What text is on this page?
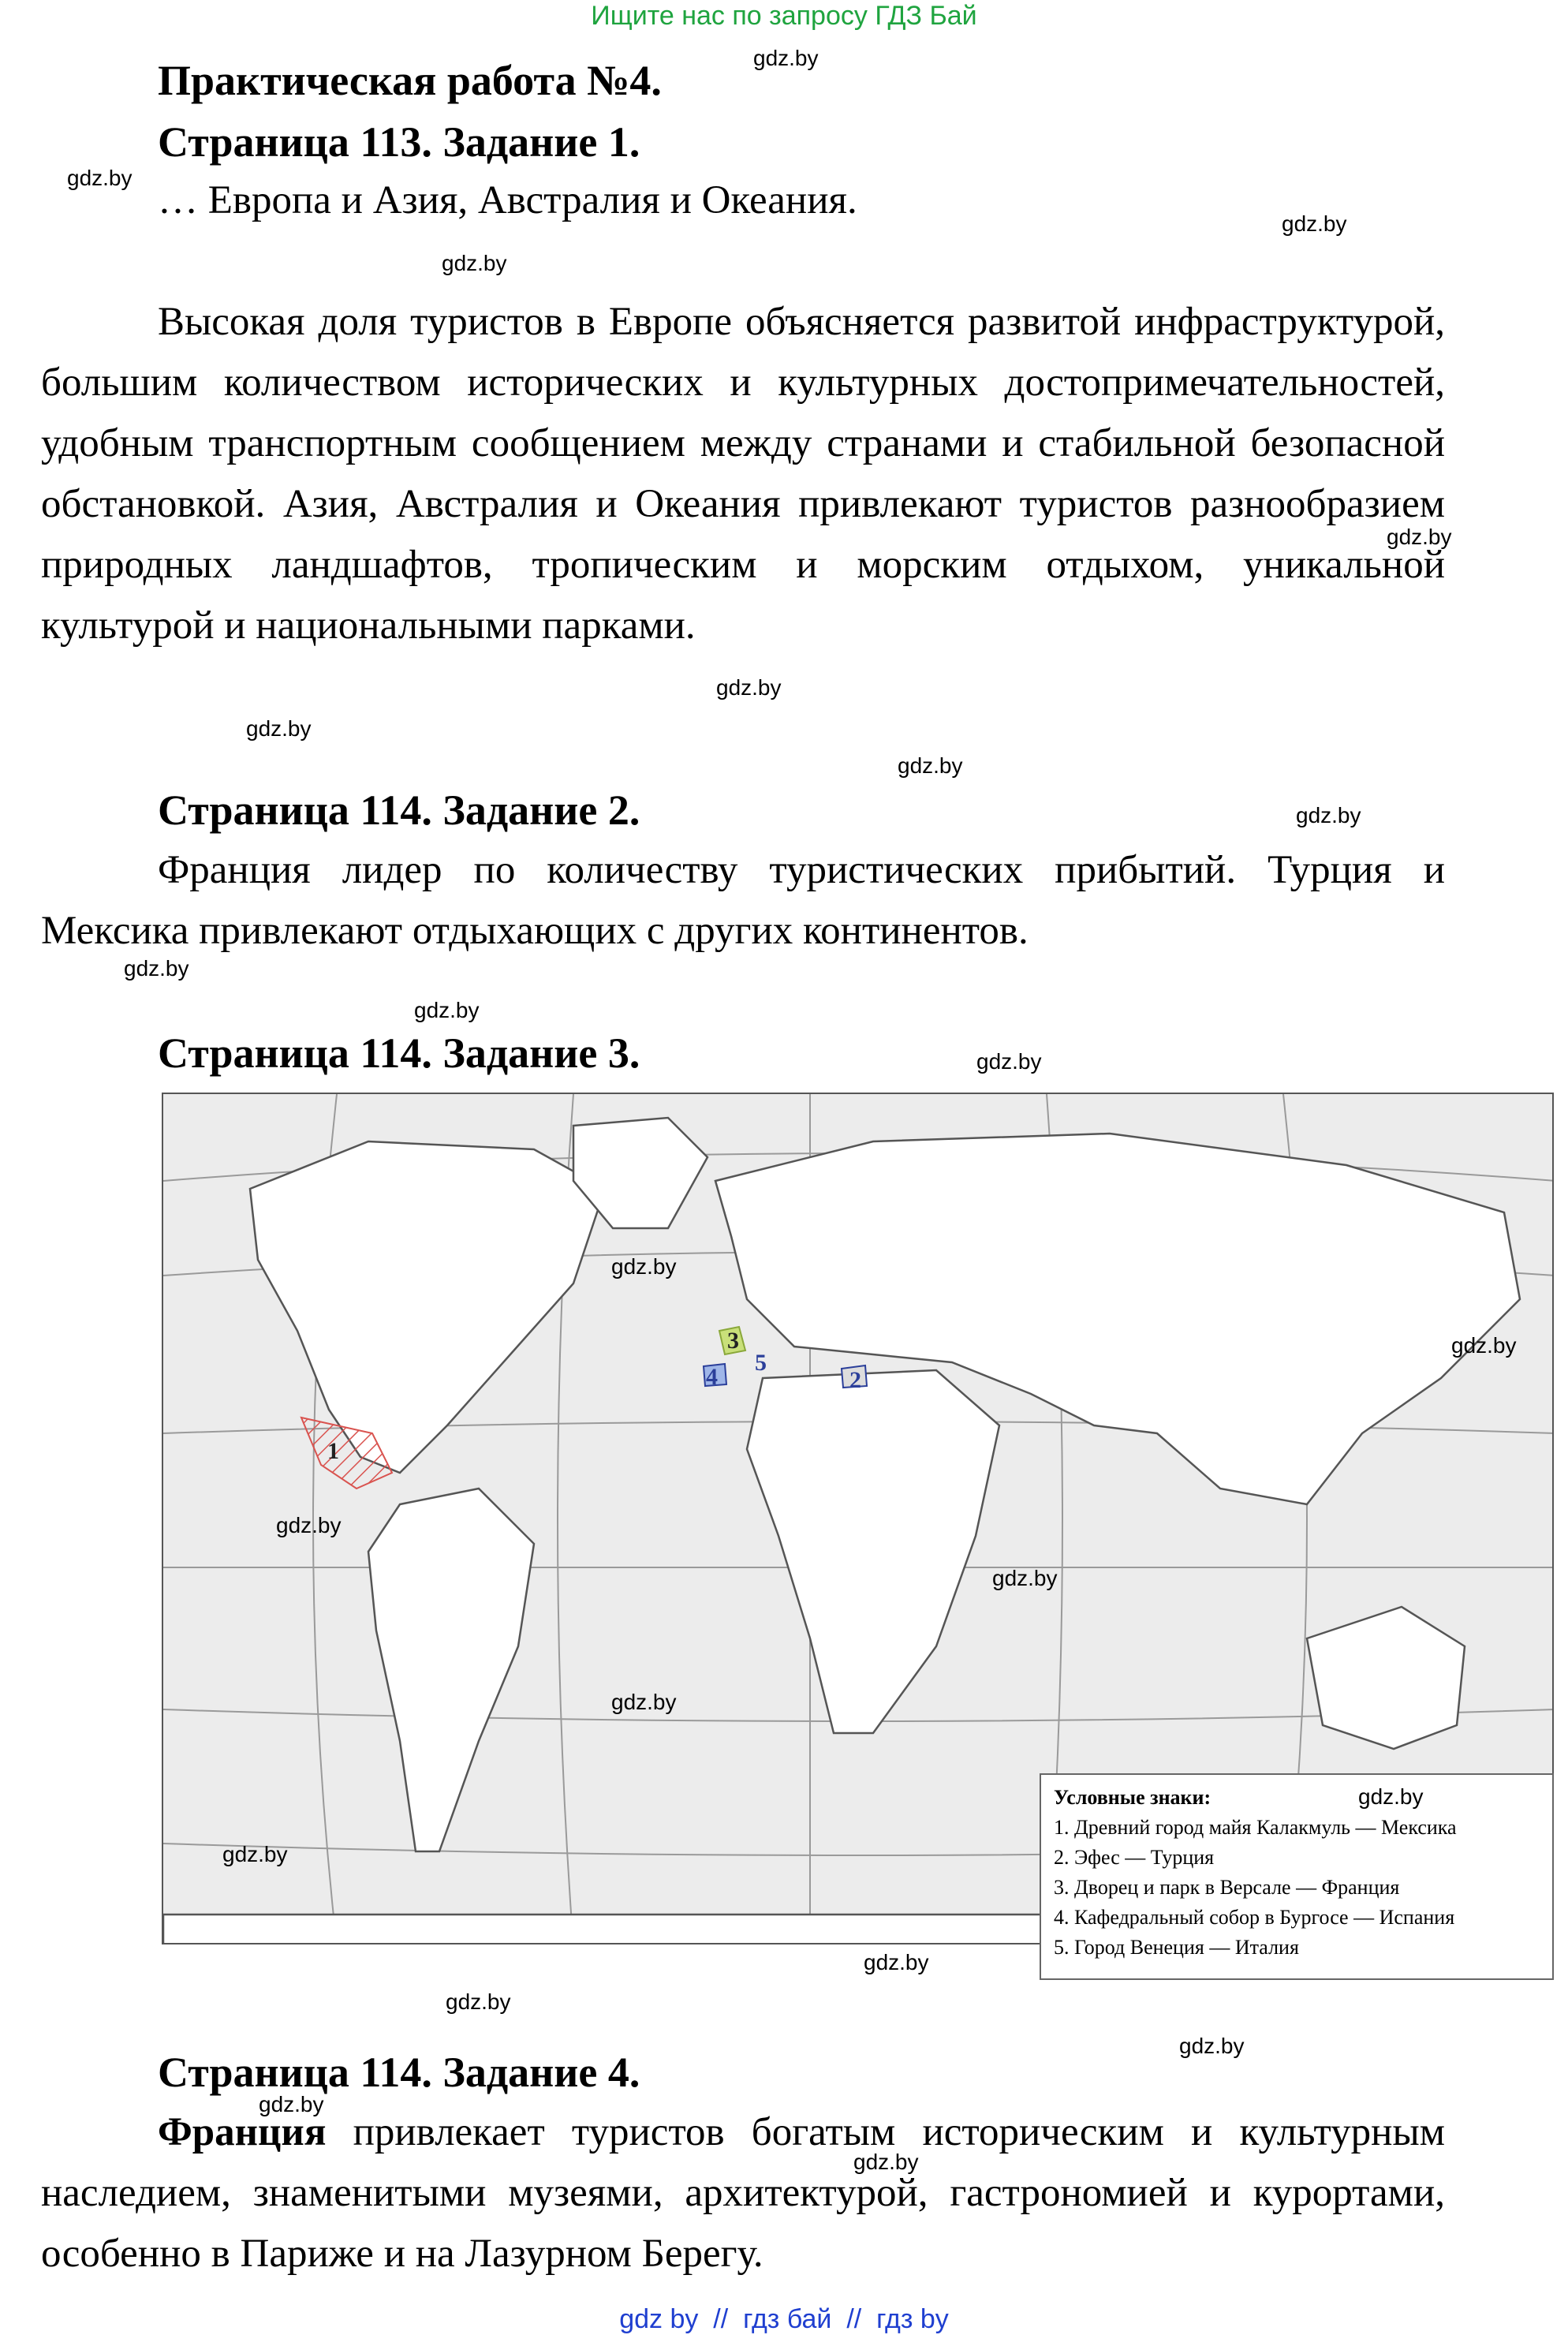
Ищите нас по запросу ГДЗ Бай
Практическая работа №4.
Страница 113. Задание 1.
… Европа и Азия, Австралия и Океания.
Высокая доля туристов в Европе объясняется развитой инфраструктурой, большим количеством исторических и культурных достопримечательностей, удобным транспортным сообщением между странами и стабильной безопасной обстановкой. Азия, Австралия и Океания привлекают туристов разнообразием природных ландшафтов, тропическим и морским отдыхом, уникальной культурой и национальными парками.
Страница 114. Задание 2.
Франция лидер по количеству туристических прибытий. Турция и Мексика привлекают отдыхающих с других континентов.
Страница 114. Задание 3.
1
2
3
4
5
Условные знаки:
1. Древний город майя Калакмуль — Мексика
2. Эфес — Турция
3. Дворец и парк в Версале — Франция
4. Кафедральный собор в Бургосе — Испания
5. Город Венеция — Италия
Страница 114. Задание 4.
Франция привлекает туристов богатым историческим и культурным наследием, знаменитыми музеями, архитектурой, гастрономией и курортами, особенно в Париже и на Лазурном Берегу.
gdz.by
gdz.by
gdz.by
gdz.by
gdz.by
gdz.by
gdz.by
gdz.by
gdz.by
gdz.by
gdz.by
gdz.by
gdz.by
gdz.by
gdz.by
gdz.by
gdz.by
gdz.by
gdz.by
gdz.by
gdz.by
gdz.by
gdz.by
gdz.by
gdz by  //  гдз бай  //  гдз by
